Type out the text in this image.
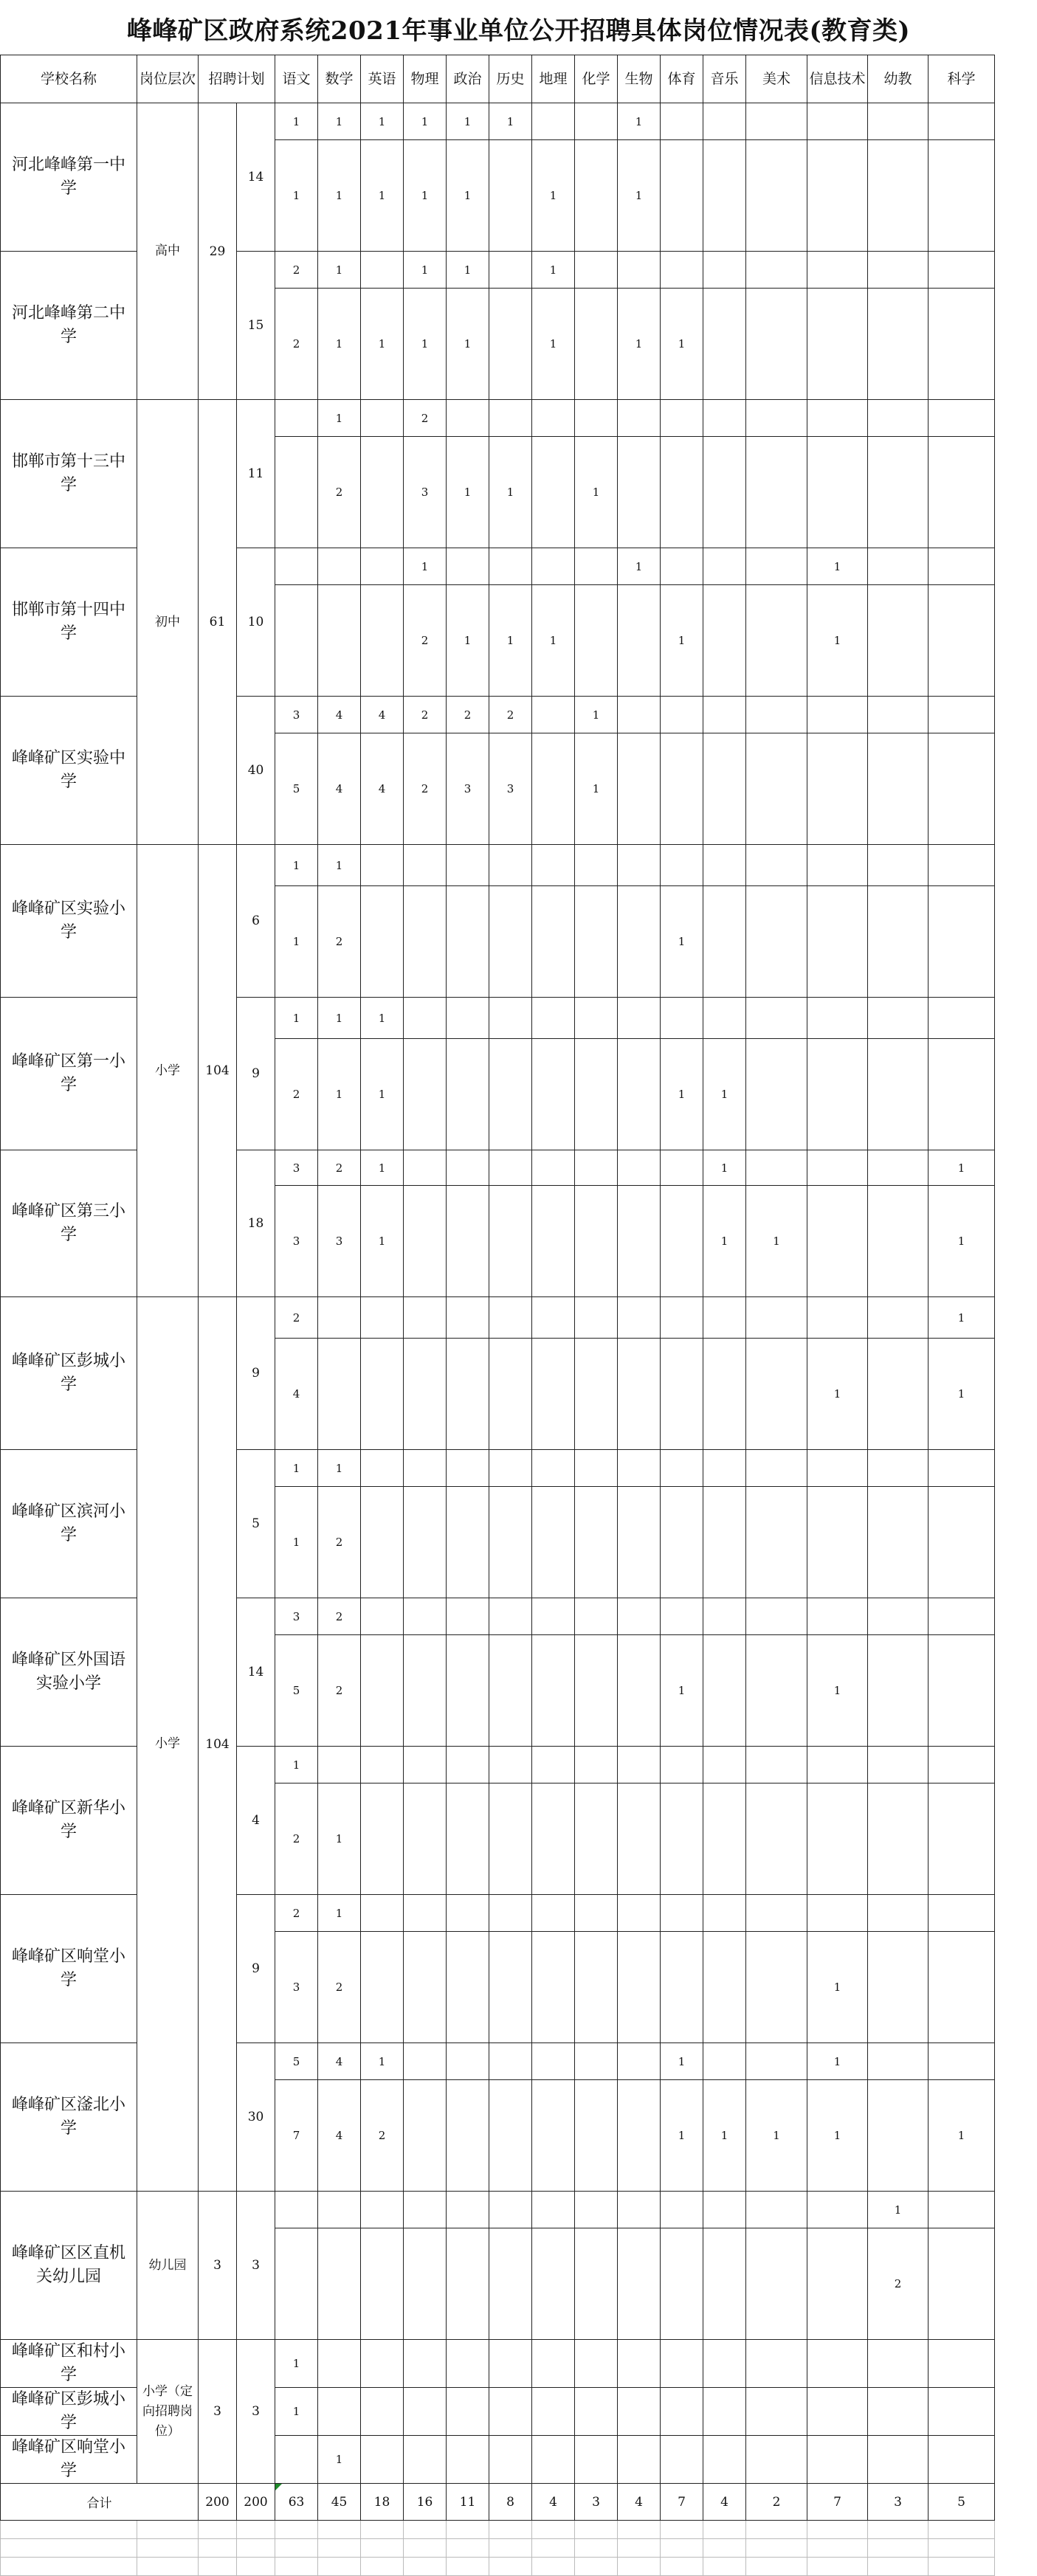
峰峰矿区政府系统2021年事业单位公开招聘具体岗位情况表(教育类)
学校名称	岗位层次	招聘计划		语文	数学	英语	物理	政治	历史	地理	化学	生物	体育	音乐	美术	信息技术	幼教	科学	
河北峰峰第一中学	高中	29	14	1	1	1	1	1	1			1							
				1	1	1	1	1		1		1							
河北峰峰第二中学			15	2	1		1	1		1									
				2	1	1	1	1		1		1	1						
邯郸市第十三中学	初中	61	11		1		2												
					2		3	1	1		1								
邯郸市第十四中学			10				1					1				1			
							2	1	1	1			1			1			
峰峰矿区实验中学			40	3	4	4	2	2	2		1								
				5	4	4	2	3	3		1								
峰峰矿区实验小学	小学	104	6	1	1														
				1	2								1						
峰峰矿区第一小学			9	1	1	1													
				2	1	1							1	1					
峰峰矿区第三小学			18	3	2	1								1				1	
				3	3	1								1	1			1	
峰峰矿区彭城小学	小学	104	9	2														1	
				4												1		1	
峰峰矿区滨河小学			5	1	1														
				1	2														
峰峰矿区外国语实验小学			14	3	2														
				5	2								1			1			
峰峰矿区新华小学			4	1															
				2	1														
峰峰矿区响堂小学			9	2	1														
				3	2											1			
峰峰矿区滏北小学			30	5	4	1							1			1			
				7	4	2							1	1	1	1		1	
峰峰矿区区直机关幼儿园	幼儿园	3	3														1		
																	2		
峰峰矿区和村小学	小学（定向招聘岗位）	3	3	1															
峰峰矿区彭城小学				1															
峰峰矿区响堂小学					1														
合计		200	200	63	45	18	16	11	8	4	3	4	7	4	2	7	3	5	
